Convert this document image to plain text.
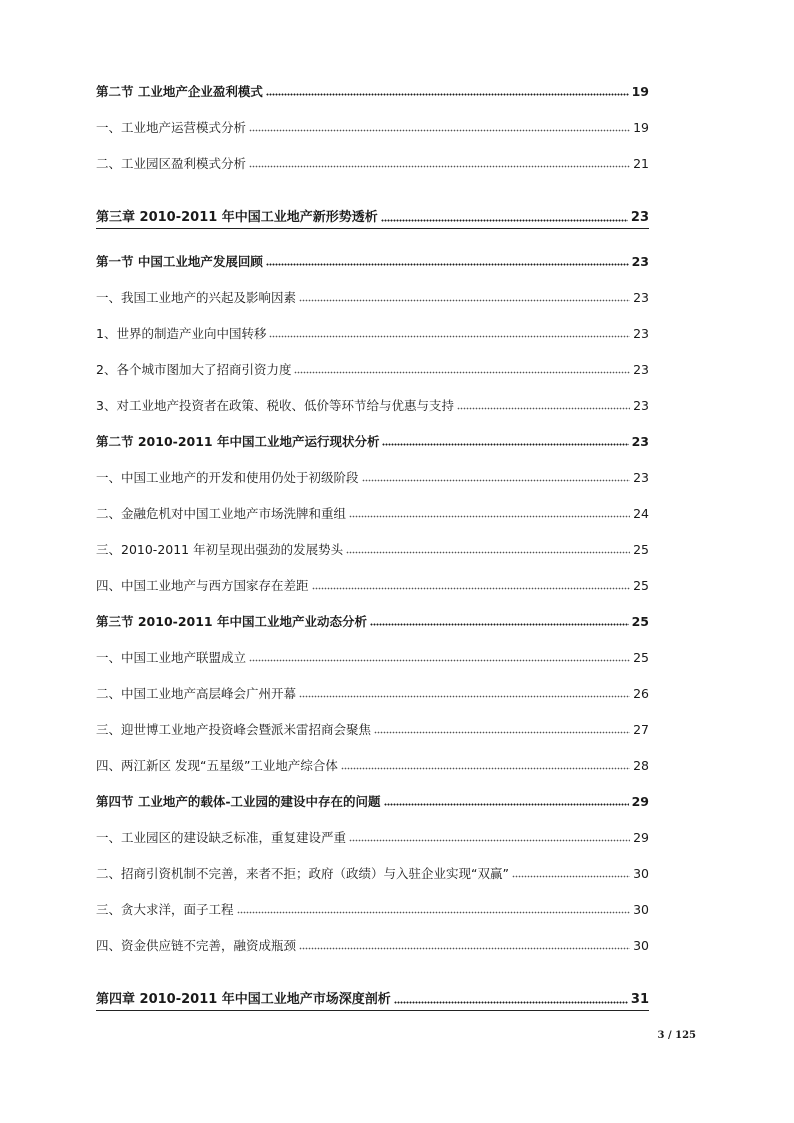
第二节 工业地产企业盈利模式	19
一、工业地产运营模式分析	19
二、工业园区盈利模式分析	21
第三章 2010-2011 年中国工业地产新形势透析	23
第一节 中国工业地产发展回顾	23
一、我国工业地产的兴起及影响因素	23
1、世界的制造产业向中国转移	23
2、各个城市图加大了招商引资力度	23
3、对工业地产投资者在政策、税收、低价等环节给与优惠与支持	23
第二节 2010-2011 年中国工业地产运行现状分析	23
一、中国工业地产的开发和使用仍处于初级阶段	23
二、金融危机对中国工业地产市场洗牌和重组	24
三、2010-2011 年初呈现出强劲的发展势头	25
四、中国工业地产与西方国家存在差距	25
第三节 2010-2011 年中国工业地产业动态分析	25
一、中国工业地产联盟成立	25
二、中国工业地产高层峰会广州开幕	26
三、迎世博工业地产投资峰会暨派米雷招商会聚焦	27
四、两江新区 发现“五星级”工业地产综合体	28
第四节 工业地产的载体-工业园的建设中存在的问题	29
一、工业园区的建设缺乏标准，重复建设严重	29
二、招商引资机制不完善，来者不拒；政府（政绩）与入驻企业实现“双赢”	30
三、贪大求洋，面子工程	30
四、资金供应链不完善，融资成瓶颈	30
第四章 2010-2011 年中国工业地产市场深度剖析	31
3 / 125
